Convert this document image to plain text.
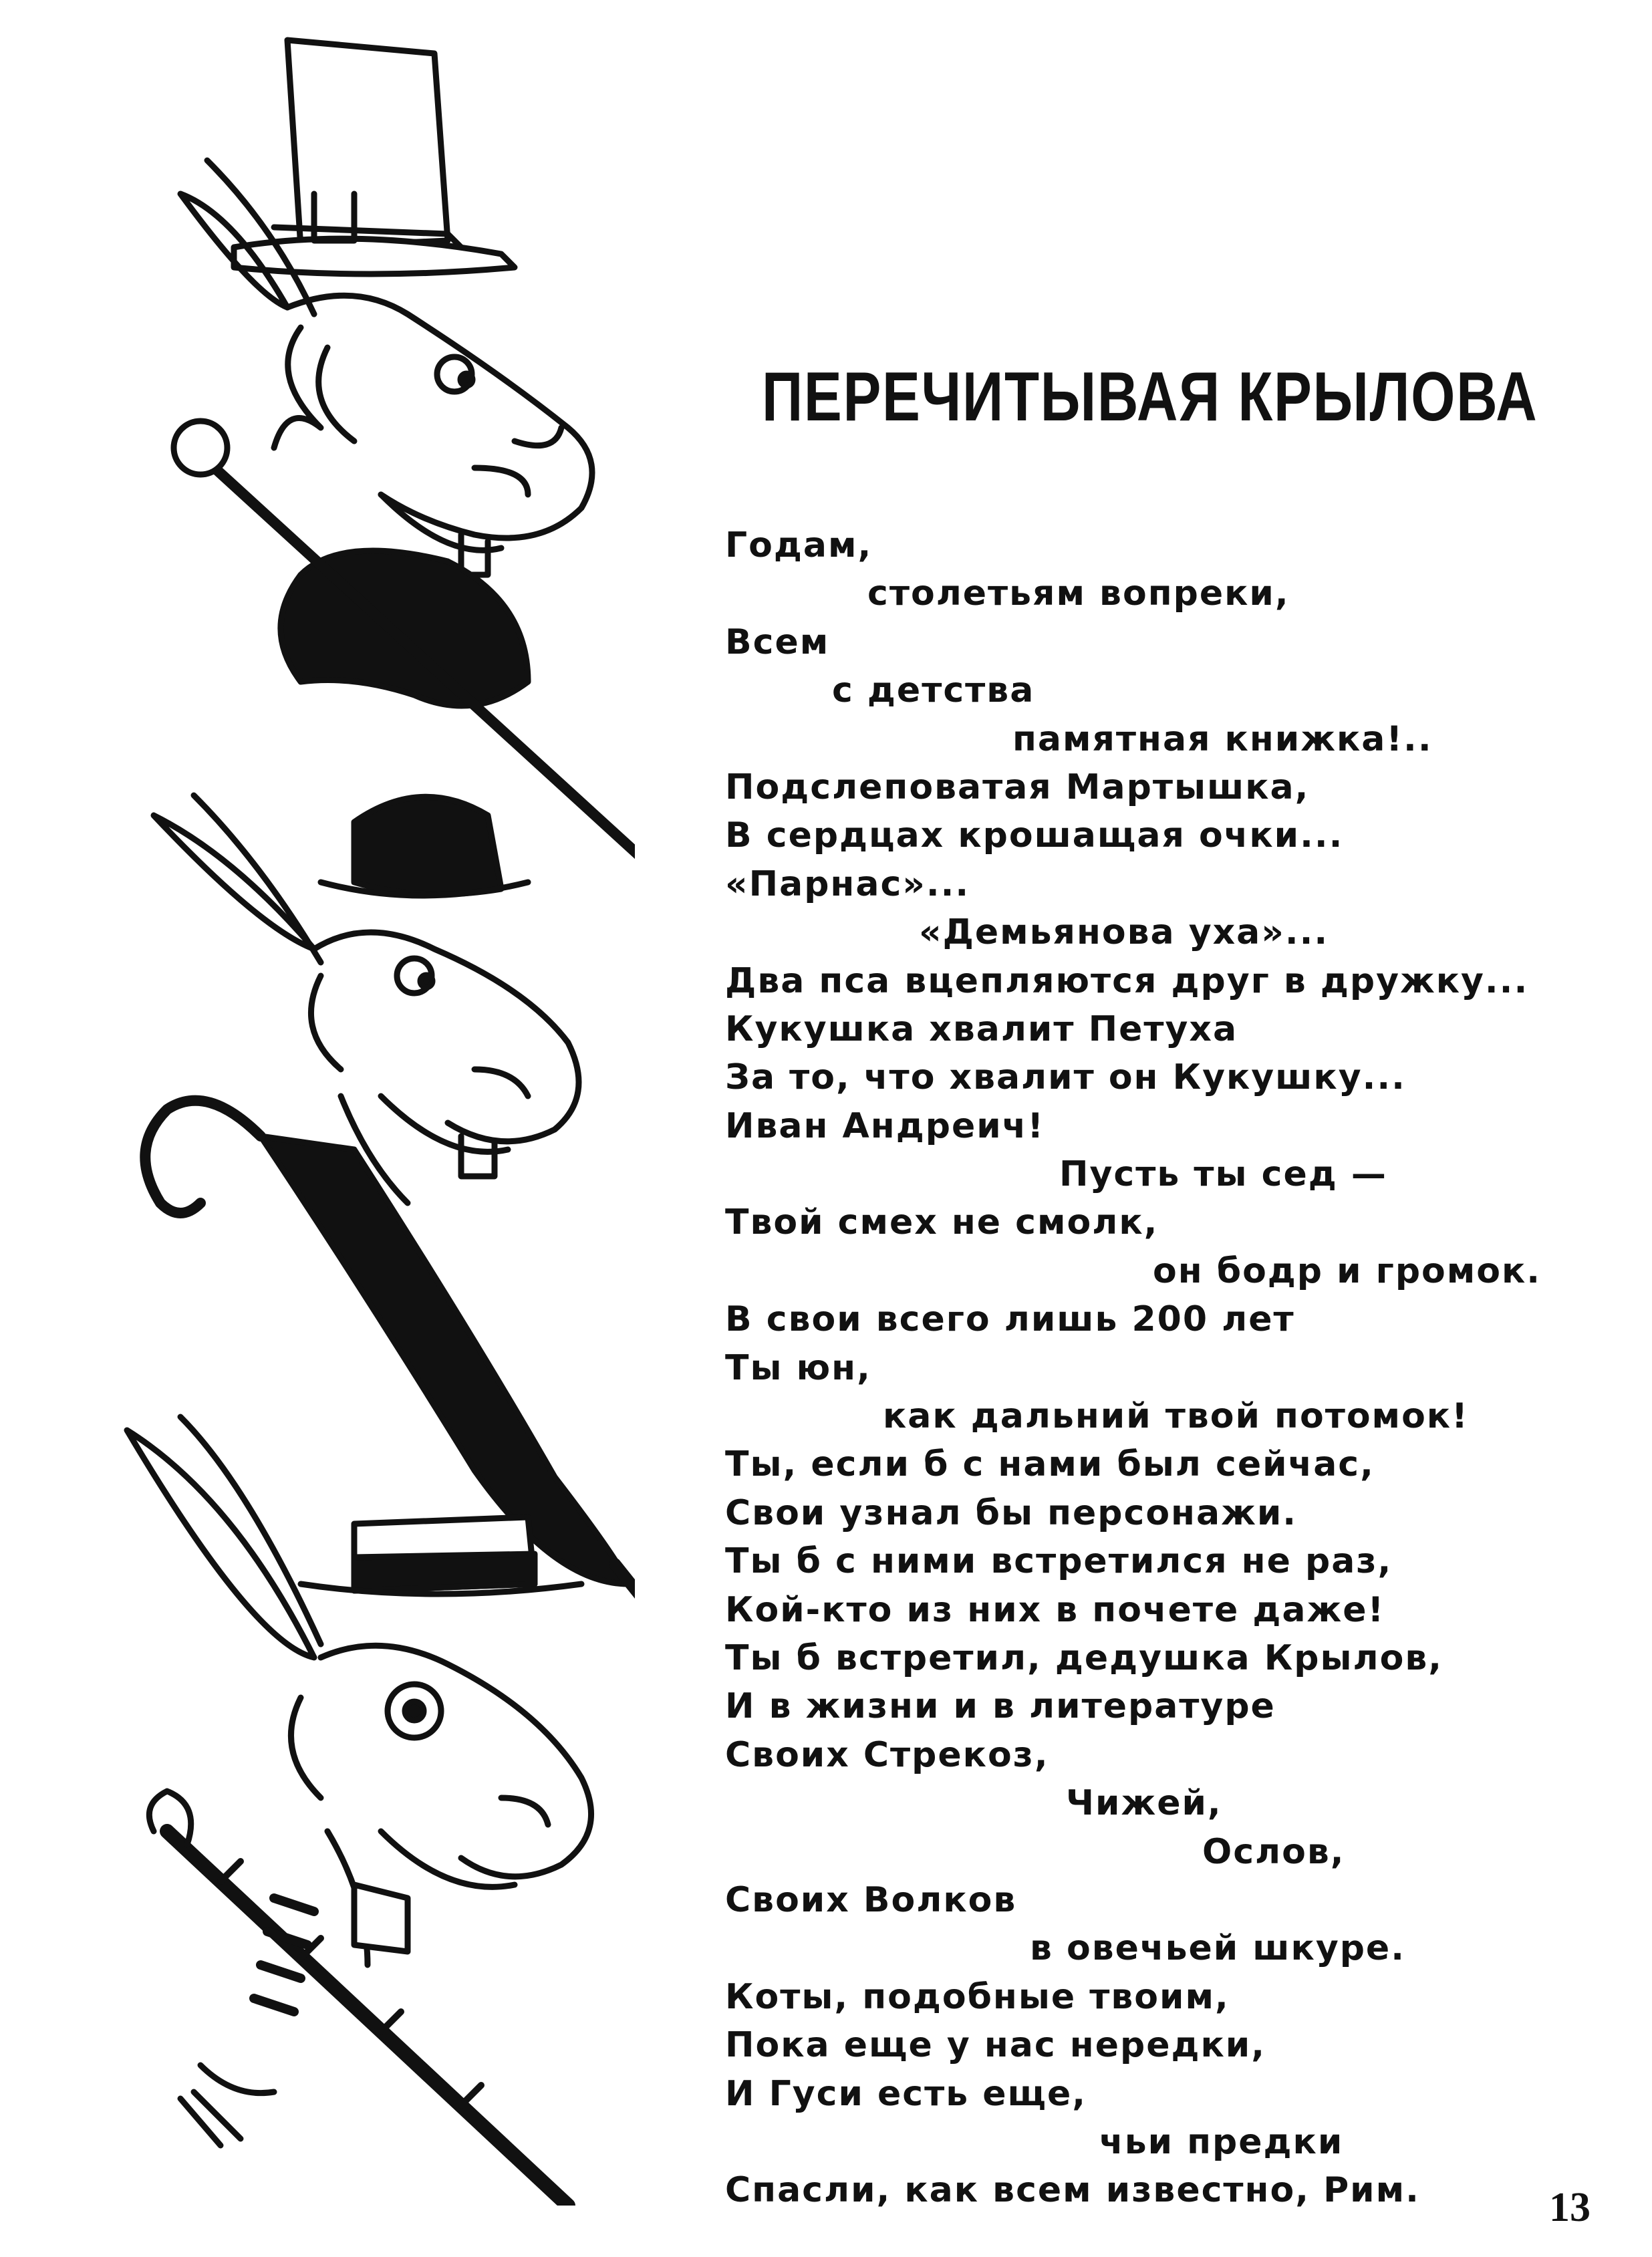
ПЕРЕЧИТЫВАЯ КРЫЛОВА
Годам,
столетьям вопреки,
Всем
с детства
памятная книжка!..
Подслеповатая Мартышка,
В сердцах крошащая очки...
«Парнас»...
«Демьянова уха»...
Два пса вцепляются друг в дружку...
Кукушка хвалит Петуха
За то, что хвалит он Кукушку...
Иван Андреич!
Пусть ты сед —
Твой смех не смолк,
он бодр и громок.
В свои всего лишь 200 лет
Ты юн,
как дальний твой потомок!
Ты, если б с нами был сейчас,
Свои узнал бы персонажи.
Ты б с ними встретился не раз,
Кой-кто из них в почете даже!
Ты б встретил, дедушка Крылов,
И в жизни и в литературе
Своих Стрекоз,
Чижей,
Ослов,
Своих Волков
в овечьей шкуре.
Коты, подобные твоим,
Пока еще у нас нередки,
И Гуси есть еще,
чьи предки
Спасли, как всем известно, Рим.	13
